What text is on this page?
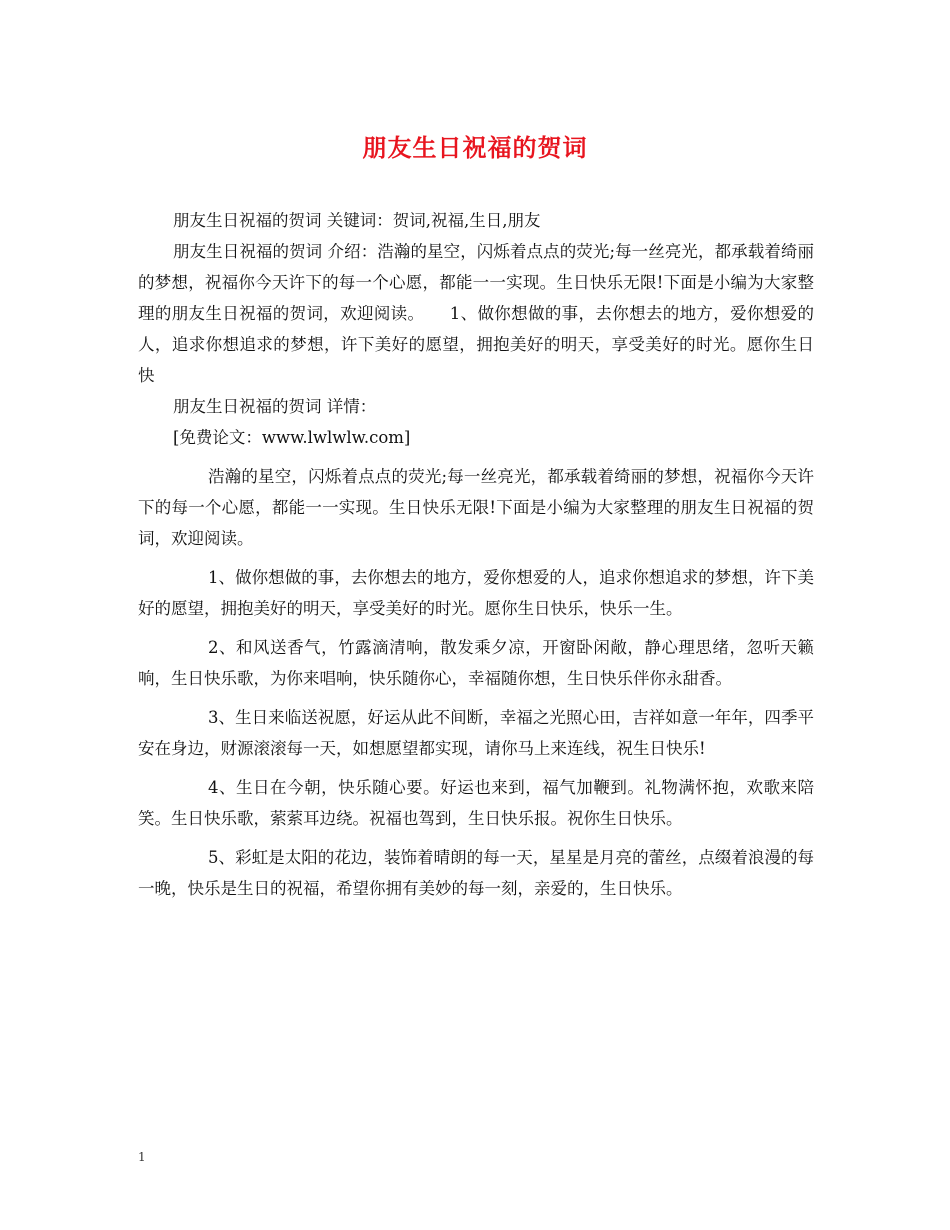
朋友生日祝福的贺词

朋友生日祝福的贺词 关键词：贺词,祝福,生日,朋友

朋友生日祝福的贺词 介绍：浩瀚的星空，闪烁着点点的荧光;每一丝亮光，都承载着绮丽的梦想，祝福你今天许下的每一个心愿，都能一一实现。生日快乐无限!下面是小编为大家整理的朋友生日祝福的贺词，欢迎阅读。　　1、做你想做的事，去你想去的地方，爱你想爱的人，追求你想追求的梦想，许下美好的愿望，拥抱美好的明天，享受美好的时光。愿你生日快

朋友生日祝福的贺词 详情：

[免费论文：www.lwlwlw.com]

浩瀚的星空，闪烁着点点的荧光;每一丝亮光，都承载着绮丽的梦想，祝福你今天许下的每一个心愿，都能一一实现。生日快乐无限!下面是小编为大家整理的朋友生日祝福的贺词，欢迎阅读。

1、做你想做的事，去你想去的地方，爱你想爱的人，追求你想追求的梦想，许下美好的愿望，拥抱美好的明天，享受美好的时光。愿你生日快乐，快乐一生。

2、和风送香气，竹露滴清响，散发乘夕凉，开窗卧闲敞，静心理思绪，忽听天籁响，生日快乐歌，为你来唱响，快乐随你心，幸福随你想，生日快乐伴你永甜香。

3、生日来临送祝愿，好运从此不间断，幸福之光照心田，吉祥如意一年年，四季平安在身边，财源滚滚每一天，如想愿望都实现，请你马上来连线，祝生日快乐!

4、生日在今朝，快乐随心要。好运也来到，福气加鞭到。礼物满怀抱，欢歌来陪笑。生日快乐歌，萦萦耳边绕。祝福也驾到，生日快乐报。祝你生日快乐。

5、彩虹是太阳的花边，装饰着晴朗的每一天，星星是月亮的蕾丝，点缀着浪漫的每一晚，快乐是生日的祝福，希望你拥有美妙的每一刻，亲爱的，生日快乐。

1
